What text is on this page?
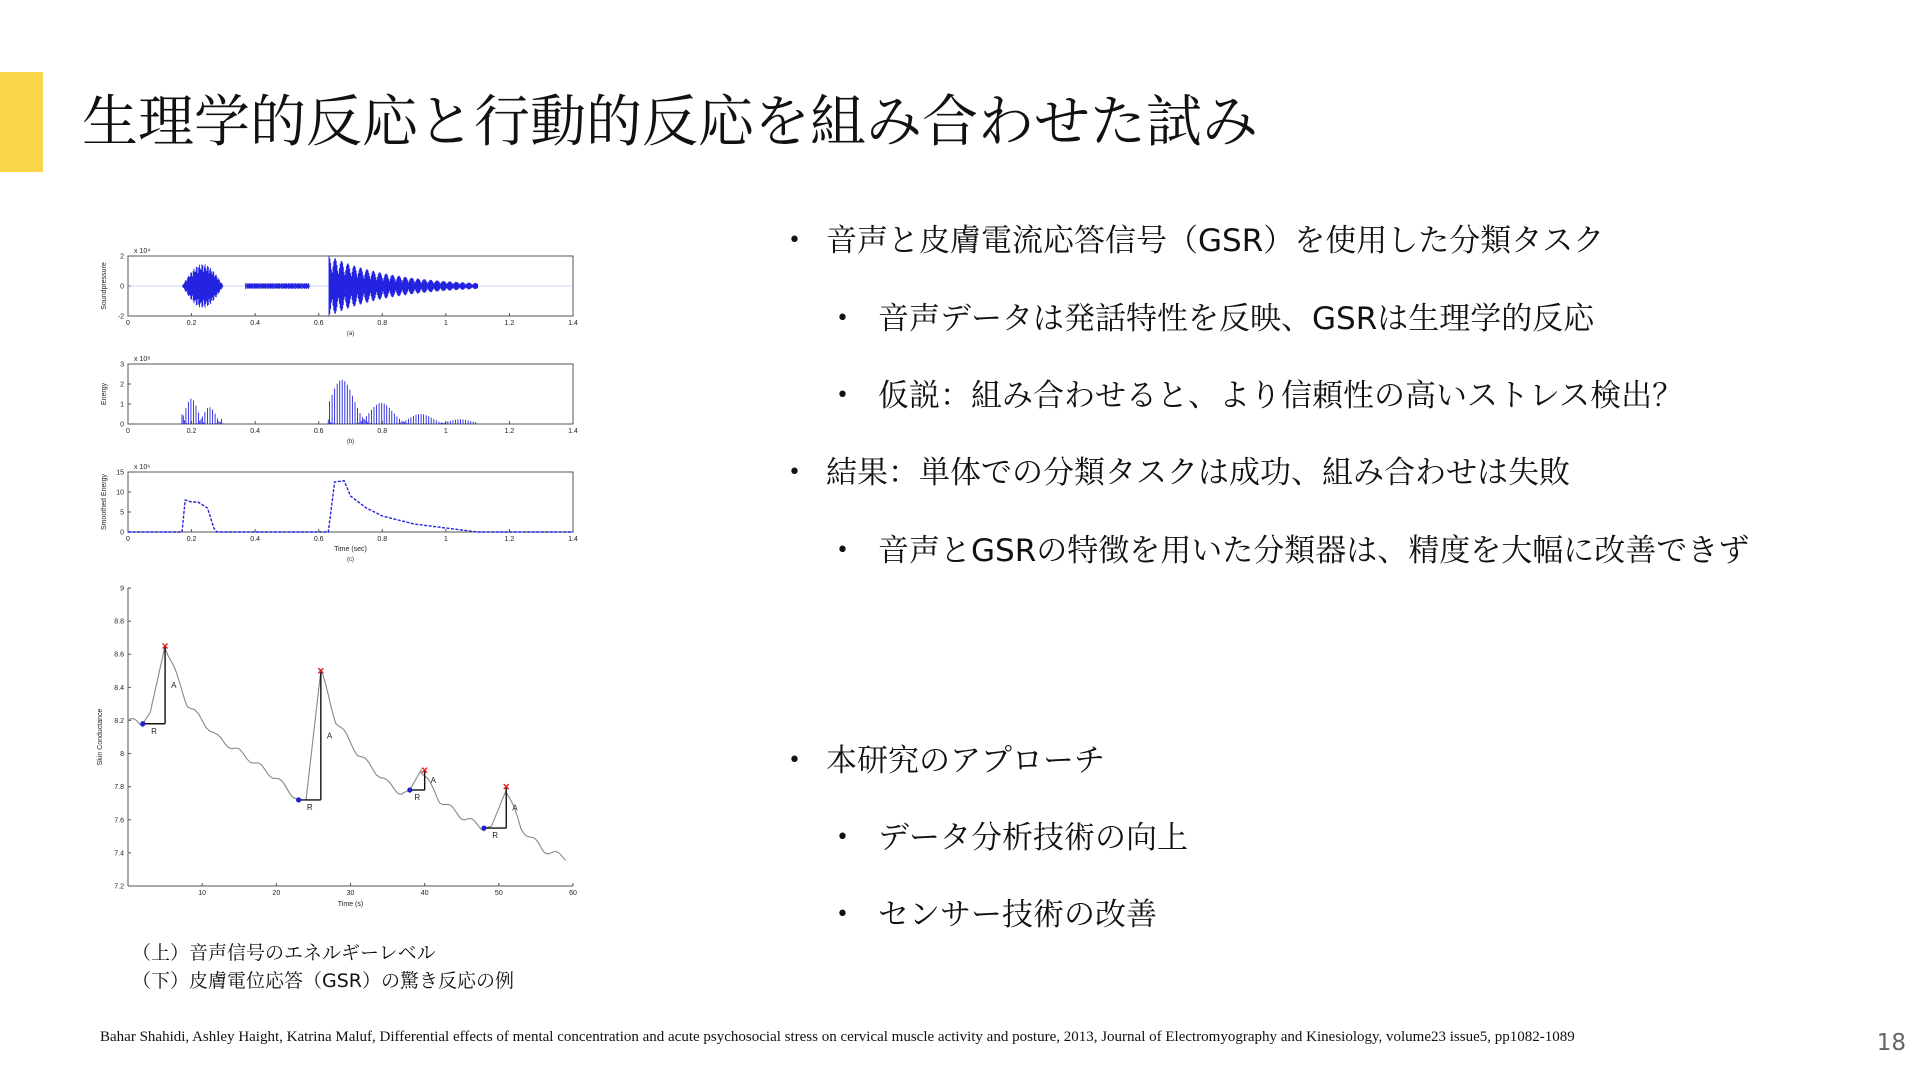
生理学的反応と行動的反応を組み合わせた試み
0	0.2	0.4	0.6	0.8	1	1.2	1.4
2
0
-2
x 10⁴
Soundpressure
(a)
0	0.2	0.4	0.6	0.8	1	1.2	1.4
3
2
1
0
x 10⁸
Energy
(b)
0	0.2	0.4	0.6	0.8	1	1.2	1.4
15
10
5
0
x 10⁶
Smoothed Energy
Time (sec)
(c)
9
8.8
8.6
8.4
8.2
8
7.8
7.6
7.4
7.2
10	20	30	40	50	60
Skin Conductance
Time (s)
A
R
A
R
A
R
A
R
（上）音声信号のエネルギーレベル
（下）皮膚電位応答（GSR）の驚き反応の例
• 音声と皮膚電流応答信号（GSR）を使用した分類タスク
• 音声データは発話特性を反映、GSRは生理学的反応
• 仮説：組み合わせると、より信頼性の高いストレス検出？
• 結果：単体での分類タスクは成功、組み合わせは失敗
• 音声とGSRの特徴を用いた分類器は、精度を大幅に改善できず
• 本研究のアプローチ
• データ分析技術の向上
• センサー技術の改善
Bahar Shahidi, Ashley Haight, Katrina Maluf, Differential effects of mental concentration and acute psychosocial stress on cervical muscle activity and posture, 2013, Journal of Electromyography and Kinesiology, volume23 issue5, pp1082-1089	18
